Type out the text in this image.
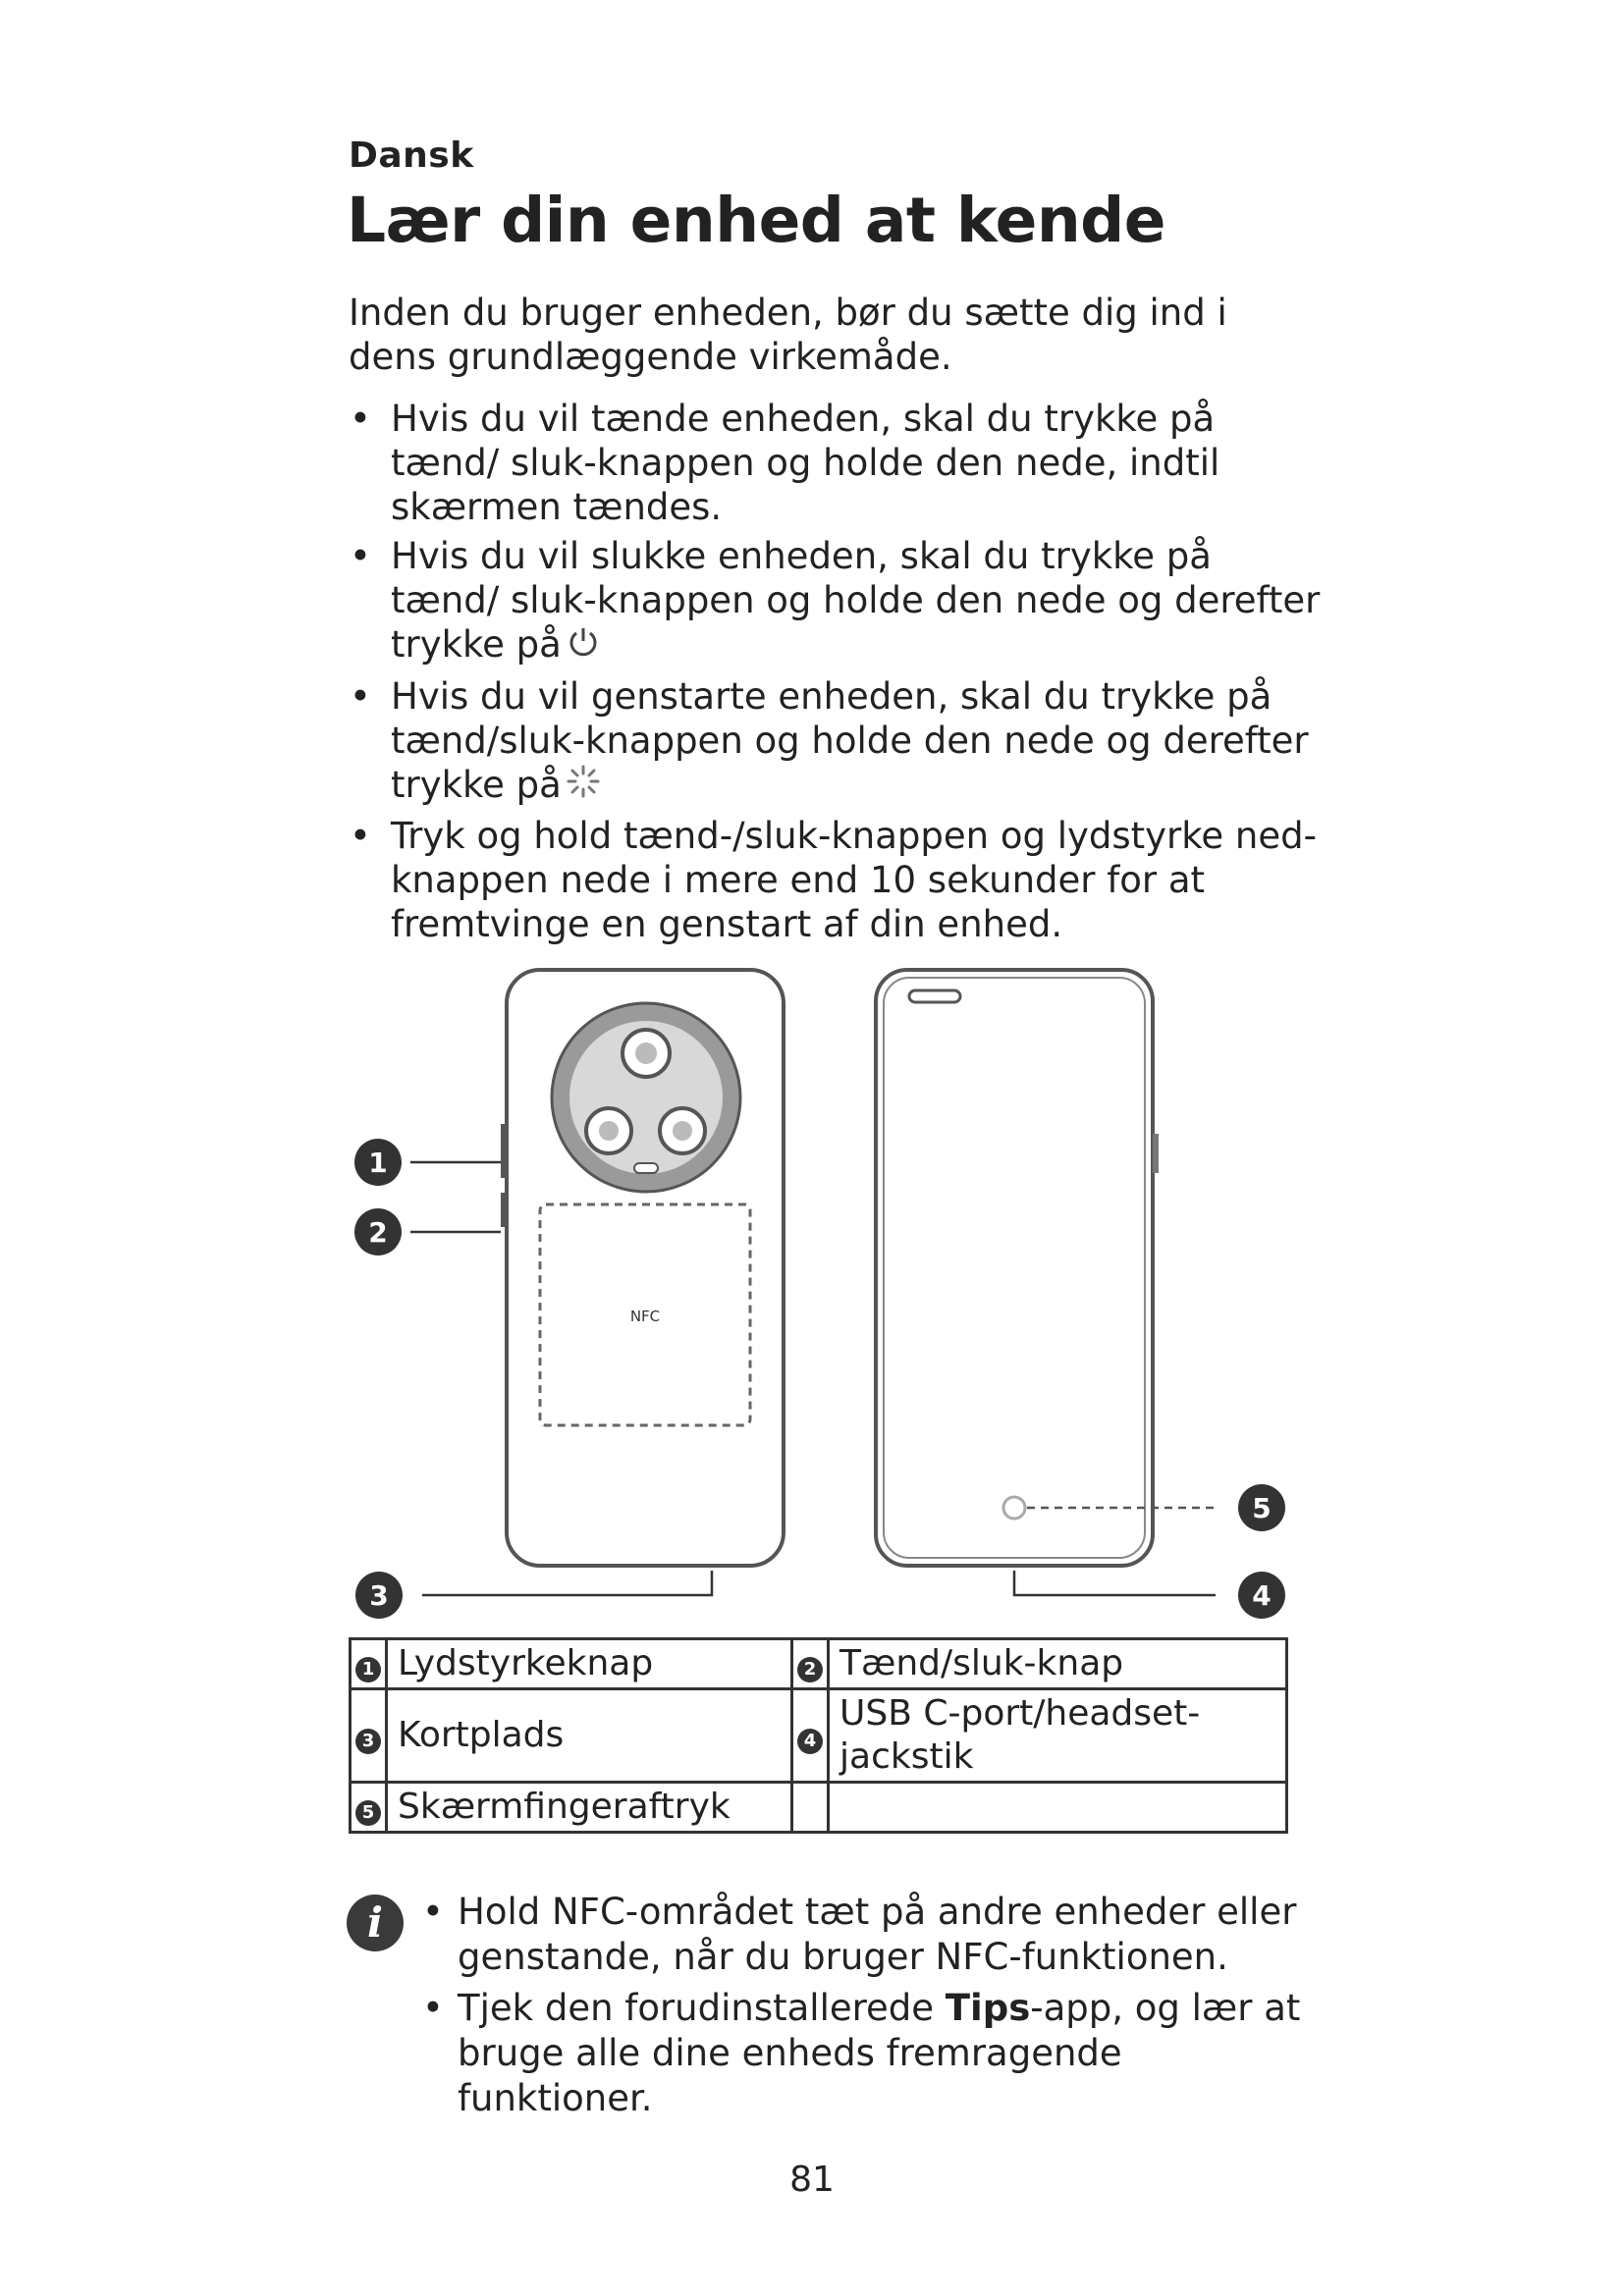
Dansk
Lær din enhed at kende
Inden du bruger enheden, bør du sætte dig ind i dens grundlæggende virkemåde.
• Hvis du vil tænde enheden, skal du trykke på tænd/ sluk-knappen og holde den nede, indtil skærmen tændes.
• Hvis du vil slukke enheden, skal du trykke på tænd/ sluk-knappen og holde den nede og derefter trykke på
• Hvis du vil genstarte enheden, skal du trykke på tænd/sluk-knappen og holde den nede og derefter trykke på
• Tryk og hold tænd-/sluk-knappen og lydstyrke ned-knappen nede i mere end 10 sekunder for at fremtvinge en genstart af din enhed.
NFC
1
2
3	4
5
1	Lydstyrkeknap	2	Tænd/sluk-knap
3	Kortplads	4	USB C-port/headset-jackstik
5	Skærmfingeraftryk		
i	• Hold NFC-området tæt på andre enheder eller genstande, når du bruger NFC-funktionen.
• Tjek den forudinstallerede Tips-app, og lær at bruge alle dine enheds fremragende funktioner.
81
